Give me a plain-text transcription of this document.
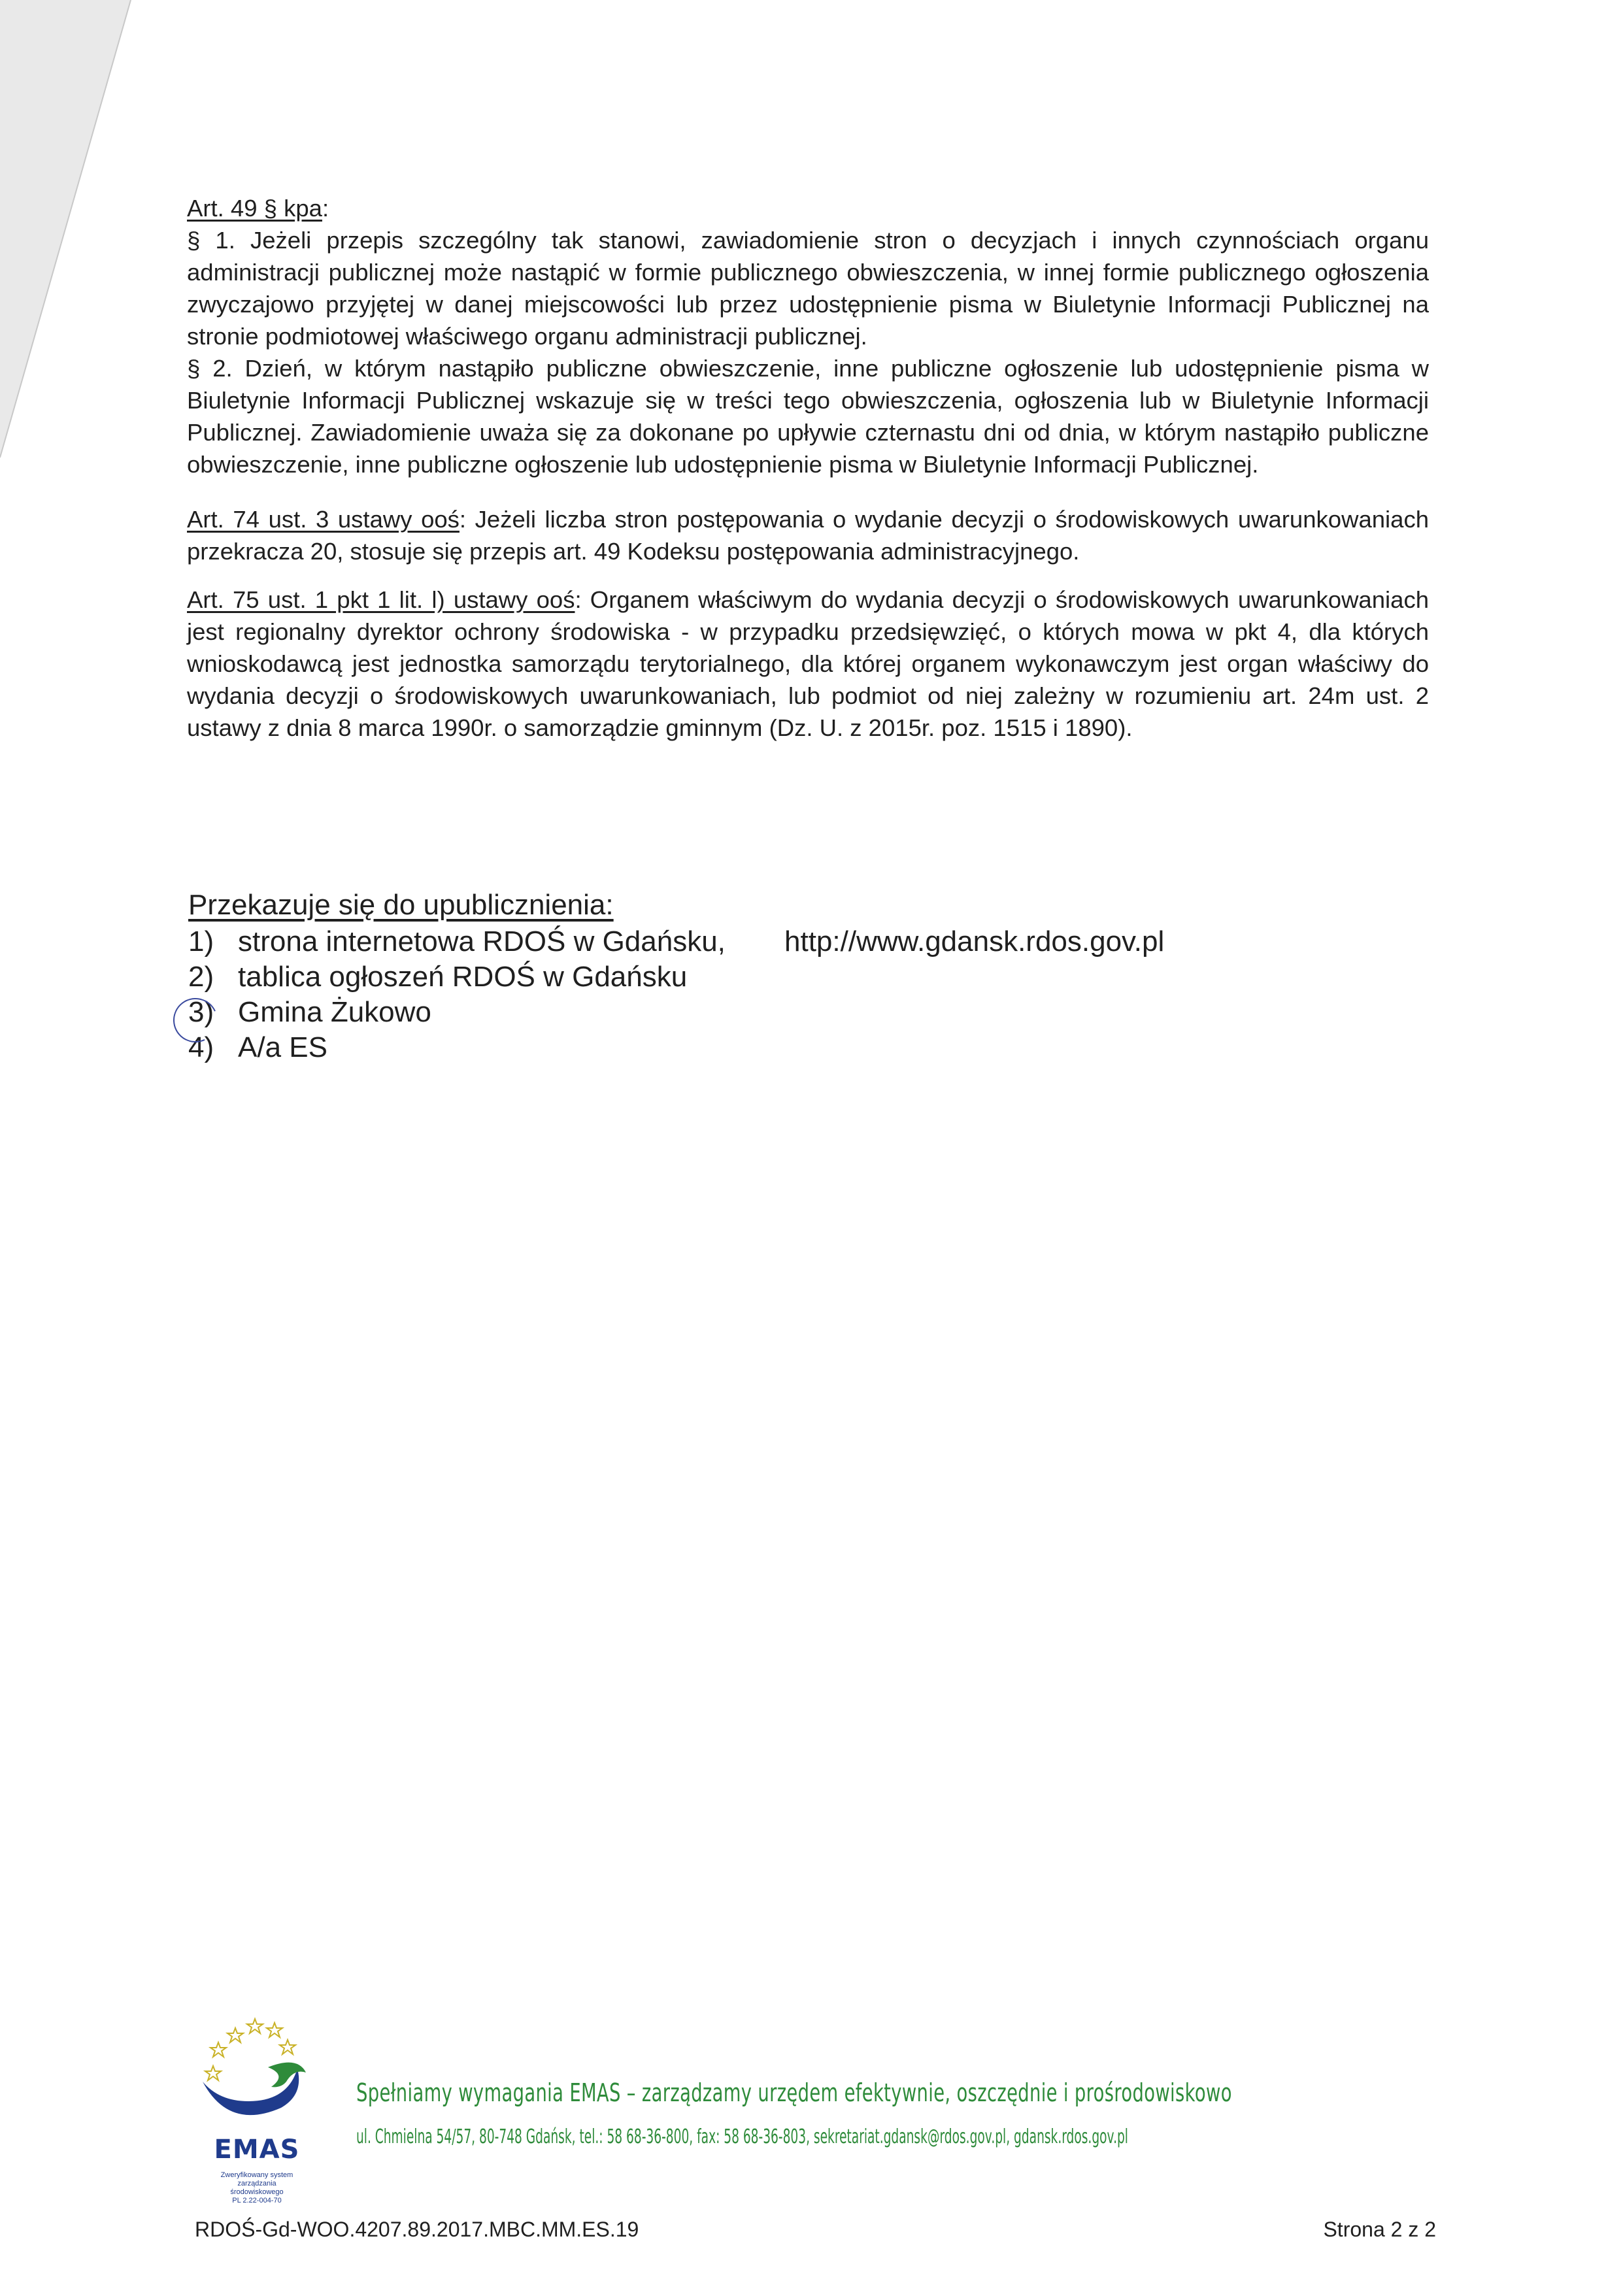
Art. 49 § kpa:
§ 1. Jeżeli przepis szczególny tak stanowi, zawiadomienie stron o decyzjach i innych czynnościach organu administracji publicznej może nastąpić w formie publicznego obwieszczenia, w innej formie publicznego ogłoszenia zwyczajowo przyjętej w danej miejscowości lub przez udostępnienie pisma w Biuletynie Informacji Publicznej na stronie podmiotowej właściwego organu administracji publicznej.
§ 2. Dzień, w którym nastąpiło publiczne obwieszczenie, inne publiczne ogłoszenie lub udostępnienie pisma w Biuletynie Informacji Publicznej wskazuje się w treści tego obwieszczenia, ogłoszenia lub w Biuletynie Informacji Publicznej. Zawiadomienie uważa się za dokonane po upływie czternastu dni od dnia, w którym nastąpiło publiczne obwieszczenie, inne publiczne ogłoszenie lub udostępnienie pisma w Biuletynie Informacji Publicznej.
Art. 74 ust. 3 ustawy ooś: Jeżeli liczba stron postępowania o wydanie decyzji o środowiskowych uwarunkowaniach przekracza 20, stosuje się przepis art. 49 Kodeksu postępowania administracyjnego.
Art. 75 ust. 1 pkt 1 lit. l) ustawy ooś: Organem właściwym do wydania decyzji o środowiskowych uwarunkowaniach jest regionalny dyrektor ochrony środowiska - w przypadku przedsięwzięć, o których mowa w pkt 4, dla których wnioskodawcą jest jednostka samorządu terytorialnego, dla której organem wykonawczym jest organ właściwy do wydania decyzji o środowiskowych uwarunkowaniach, lub podmiot od niej zależny w rozumieniu art. 24m ust. 2 ustawy z dnia 8 marca 1990r. o samorządzie gminnym (Dz. U. z 2015r. poz. 1515 i 1890).
Przekazuje się do upublicznienia:
1) strona internetowa RDOŚ w Gdańsku, http://www.gdansk.rdos.gov.pl
2) tablica ogłoszeń RDOŚ w Gdańsku
3) Gmina Żukowo
4) A/a ES
EMAS
Zweryfikowany system
zarządzania
środowiskowego
PL 2.22-004-70
Spełniamy wymagania EMAS – zarządzamy urzędem efektywnie, oszczędnie i prośrodowiskowo
ul. Chmielna 54/57, 80-748 Gdańsk, tel.: 58 68-36-800, fax: 58 68-36-803, sekretariat.gdansk@rdos.gov.pl, gdansk.rdos.gov.pl
RDOŚ-Gd-WOO.4207.89.2017.MBC.MM.ES.19	Strona 2 z 2
